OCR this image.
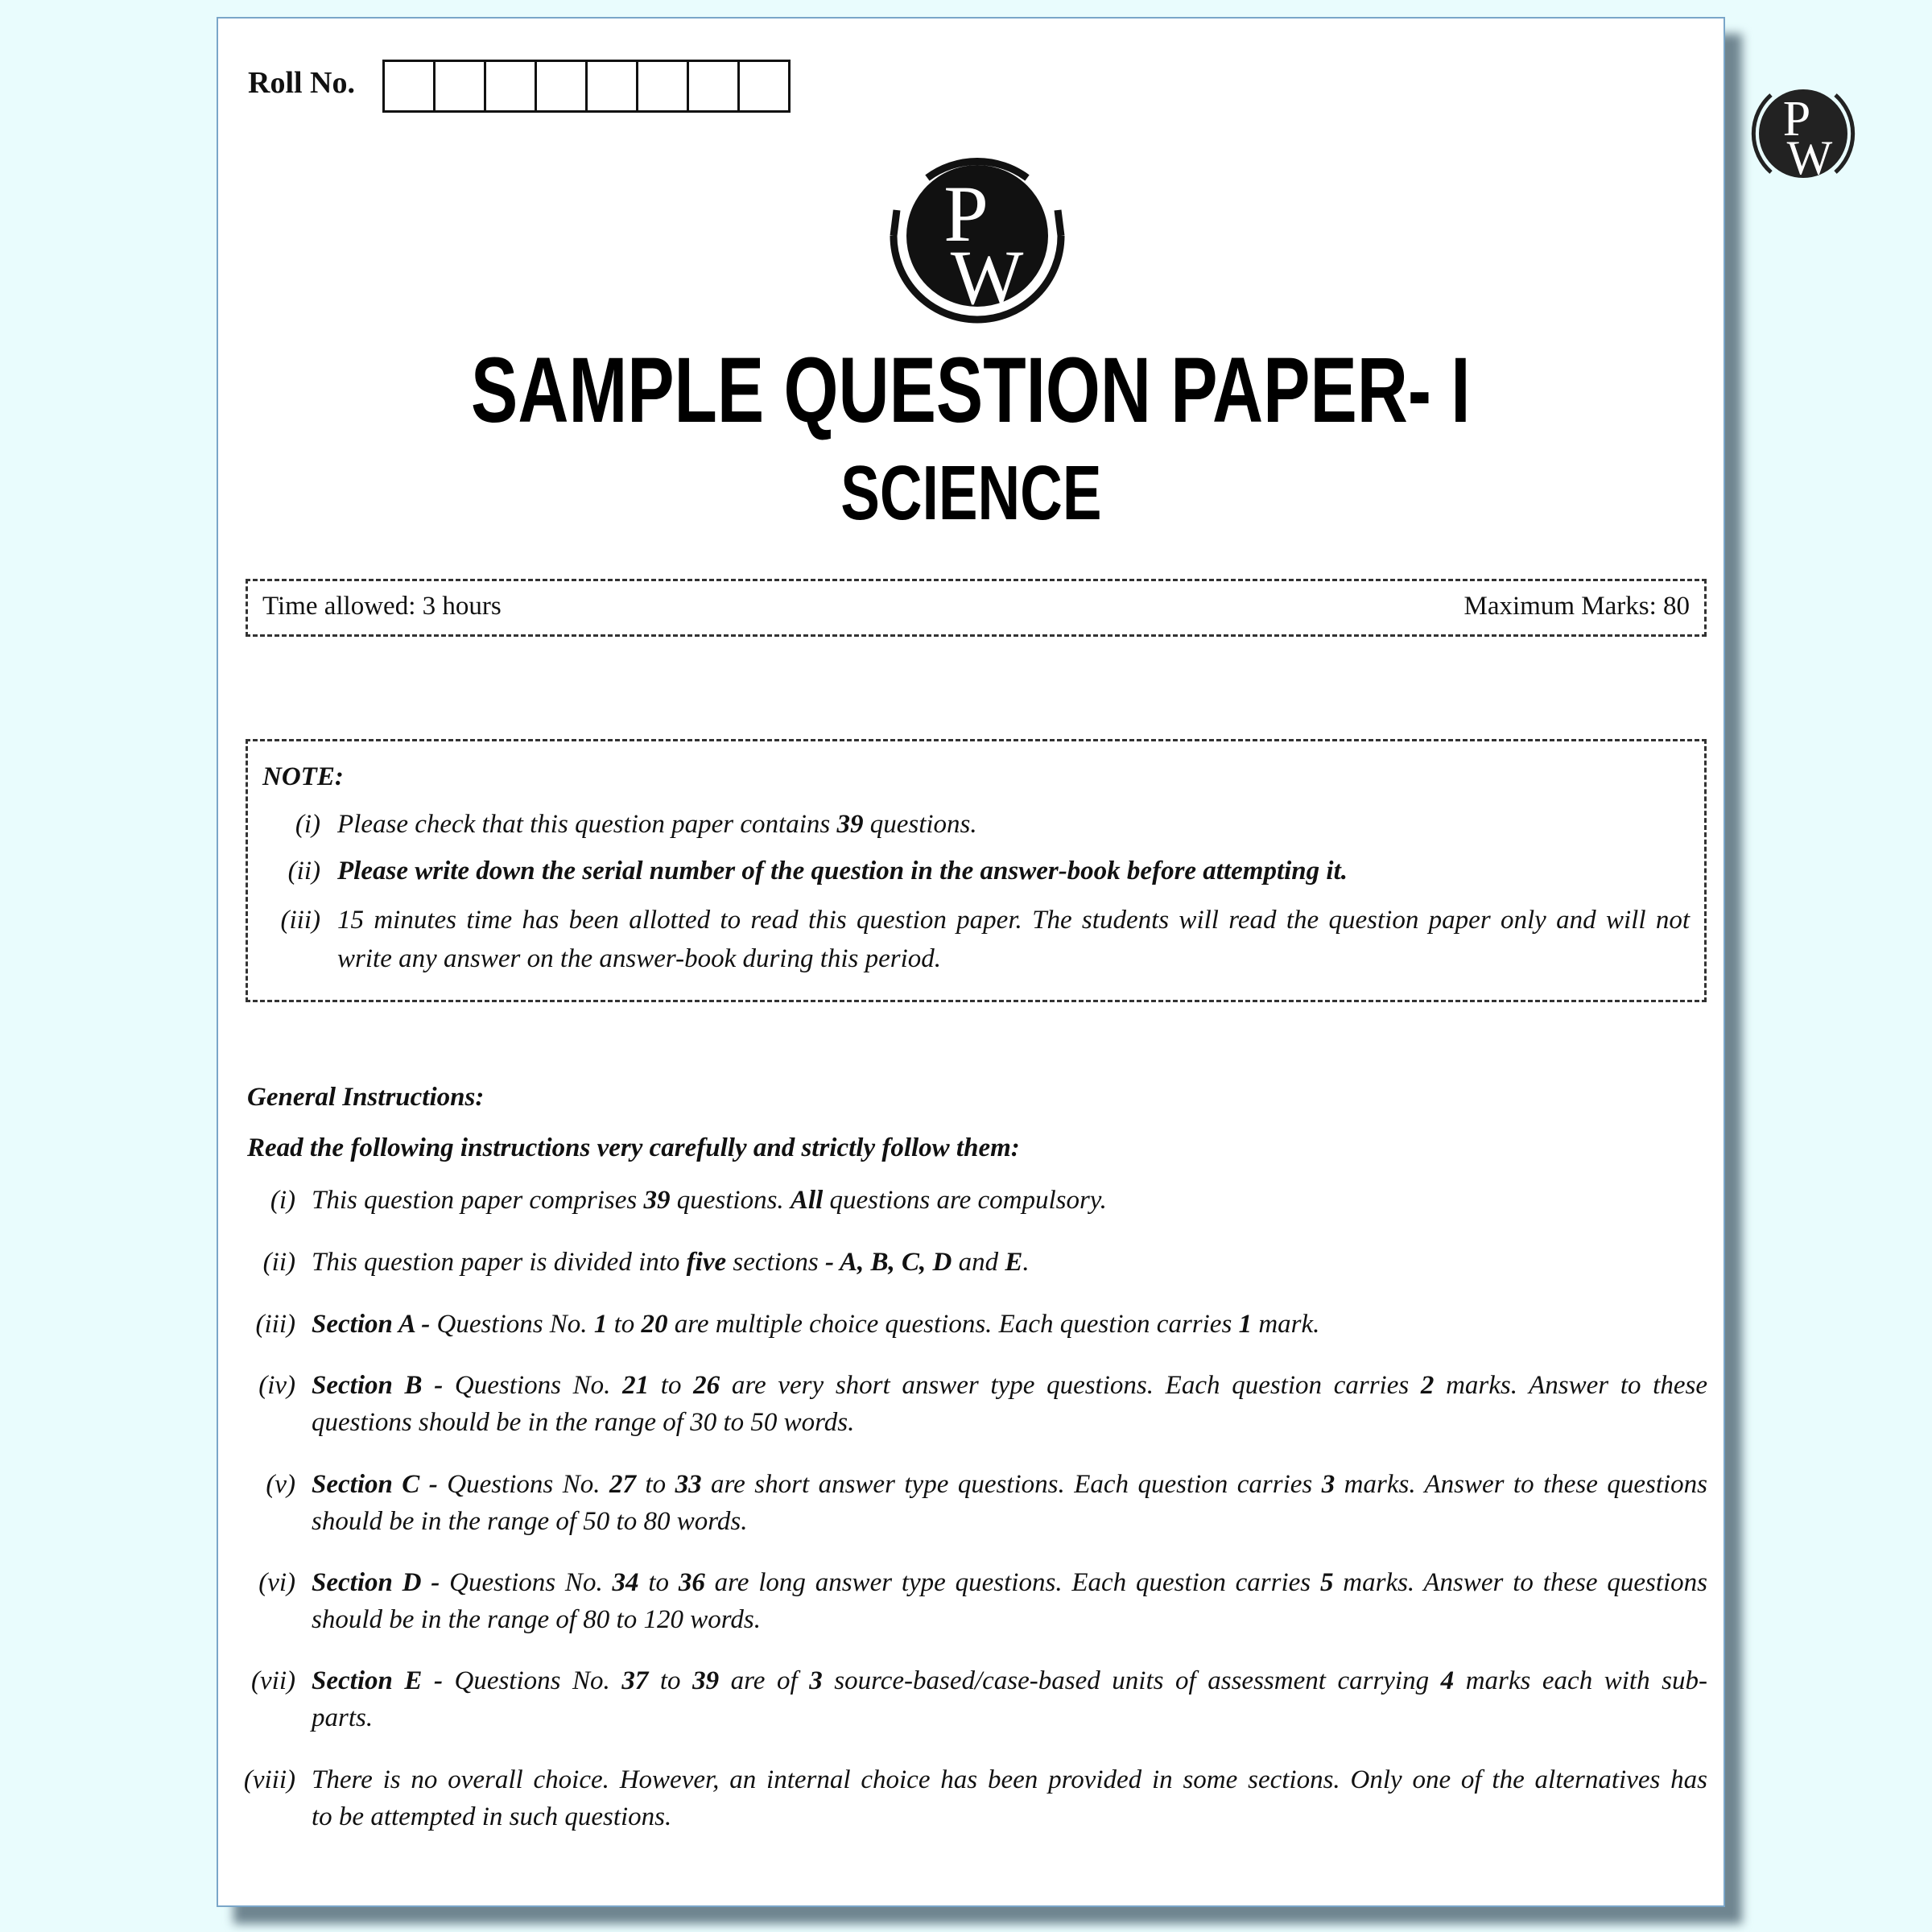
P
W
Roll No.
P
W
SAMPLE QUESTION PAPER- I
SCIENCE
Time allowed: 3 hours	Maximum Marks: 80
NOTE:
(i) Please check that this question paper contains 39 questions.
(ii) Please write down the serial number of the question in the answer-book before attempting it.
(iii) 15 minutes time has been allotted to read this question paper. The students will read the question paper only and will not
write any answer on the answer-book during this period.
General Instructions:
Read the following instructions very carefully and strictly follow them:
(i) This question paper comprises 39 questions. All questions are compulsory.
(ii) This question paper is divided into five sections - A, B, C, D and E.
(iii) Section A - Questions No. 1 to 20 are multiple choice questions. Each question carries 1 mark.
(iv) Section B - Questions No. 21 to 26 are very short answer type questions. Each question carries 2 marks. Answer to these
questions should be in the range of 30 to 50 words.
(v) Section C - Questions No. 27 to 33 are short answer type questions. Each question carries 3 marks. Answer to these questions
should be in the range of 50 to 80 words.
(vi) Section D - Questions No. 34 to 36 are long answer type questions. Each question carries 5 marks. Answer to these questions
should be in the range of 80 to 120 words.
(vii) Section E - Questions No. 37 to 39 are of 3 source-based/case-based units of assessment carrying 4 marks each with sub-
parts.
(viii) There is no overall choice. However, an internal choice has been provided in some sections. Only one of the alternatives has
to be attempted in such questions.
